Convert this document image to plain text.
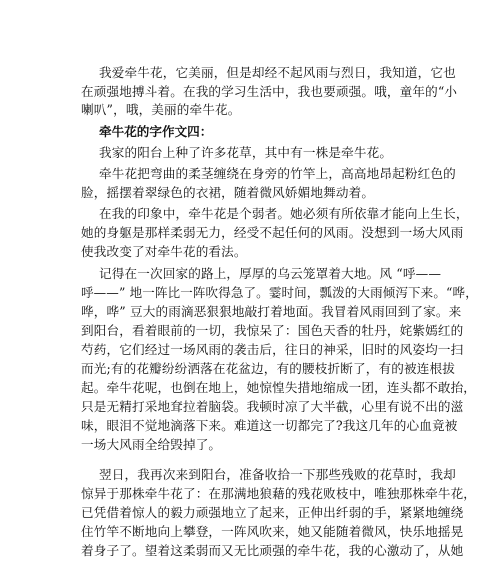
我爱牵牛花，它美丽，但是却经不起风雨与烈日，我知道，它也
在顽强地搏斗着。在我的学习生活中，我也要顽强。哦，童年的“小
喇叭”，哦，美丽的牵牛花。
牵牛花的字作文四：
我家的阳台上种了许多花草，其中有一株是牵牛花。
牵牛花把弯曲的柔茎缠绕在身旁的竹竿上，高高地昂起粉红色的
脸，摇摆着翠绿色的衣裙，随着微风娇媚地舞动着。
在我的印象中，牵牛花是个弱者。她必须有所依靠才能向上生长，
她的身躯是那样柔弱无力，经受不起任何的风雨。没想到一场大风雨
使我改变了对牵牛花的看法。
记得在一次回家的路上，厚厚的乌云笼罩着大地。风 “呼——
呼——” 地一阵比一阵吹得急了。霎时间，瓢泼的大雨倾泻下来。“哗，
哗，哗” 豆大的雨滴恶狠狠地敲打着地面。我冒着风雨回到了家。来
到阳台，看着眼前的一切，我惊呆了：国色天香的牡丹，姹紫嫣红的
芍药，它们经过一场风雨的袭击后，往日的神采，旧时的风姿均一扫
而光;有的花瓣纷纷洒落在花盆边，有的腰枝折断了，有的被连根拔
起。牵牛花呢，也倒在地上，她惊惶失措地缩成一团，连头都不敢抬，
只是无精打采地耷拉着脑袋。我顿时凉了大半截，心里有说不出的滋
味，眼泪不觉地滴落下来。难道这一切都完了?我这几年的心血竟被
一场大风雨全给毁掉了。
翌日，我再次来到阳台，准备收拾一下那些残败的花草时，我却
惊异于那株牵牛花了：在那满地狼藉的残花败枝中，唯独那株牵牛花，
已凭借着惊人的毅力顽强地立了起来，正伸出纤弱的手，紧紧地缠绕
住竹竿不断地向上攀登，一阵风吹来，她又能随着微风，快乐地摇晃
着身子了。望着这柔弱而又无比顽强的牵牛花，我的心激动了，从她
